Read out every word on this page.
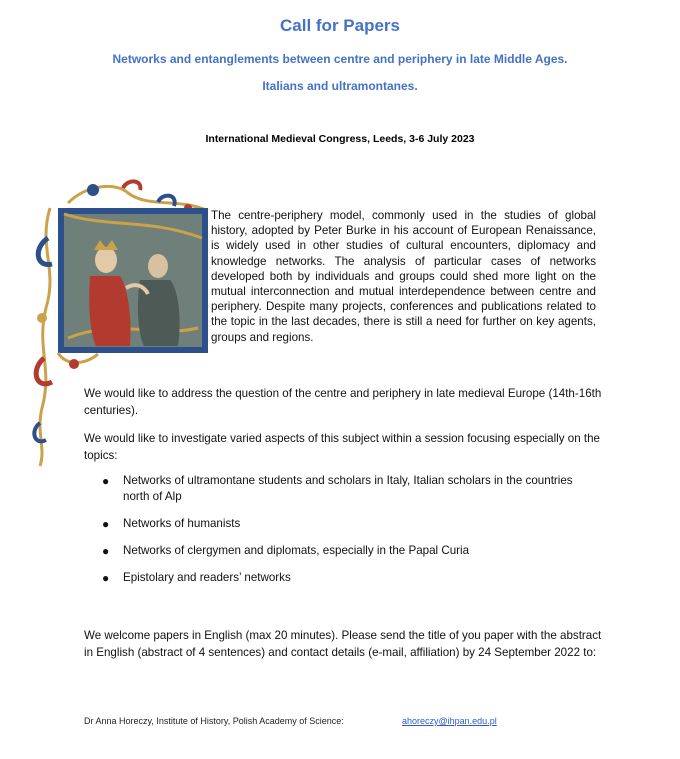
Call for Papers
Networks and entanglements between centre and periphery in late Middle Ages.
Italians and ultramontanes.
International Medieval Congress, Leeds, 3-6 July 2023
The centre-periphery model, commonly used in the studies of global history, adopted by Peter Burke in his account of European Renaissance, is widely used in other studies of cultural encounters, diplomacy and knowledge networks. The analysis of particular cases of networks developed both by individuals and groups could shed more light on the mutual interconnection and mutual interdependence between centre and periphery. Despite many projects, conferences and publications related to the topic in the last decades, there is still a need for further on key agents, groups and regions.
We would like to address the question of the centre and periphery in late medieval Europe (14th-16th centuries).
We would like to investigate varied aspects of this subject within a session focusing especially on the topics:
● Networks of ultramontane students and scholars in Italy, Italian scholars in the countries north of Alp
● Networks of humanists
● Networks of clergymen and diplomats, especially in the Papal Curia
● Epistolary and readers’ networks
We welcome papers in English (max 20 minutes). Please send the title of you paper with the abstract in English (abstract of 4 sentences) and contact details (e-mail, affiliation) by 24 September 2022 to:
Dr Anna Horeczy, Institute of History, Polish Academy of Science:	ahoreczy@ihpan.edu.pl
